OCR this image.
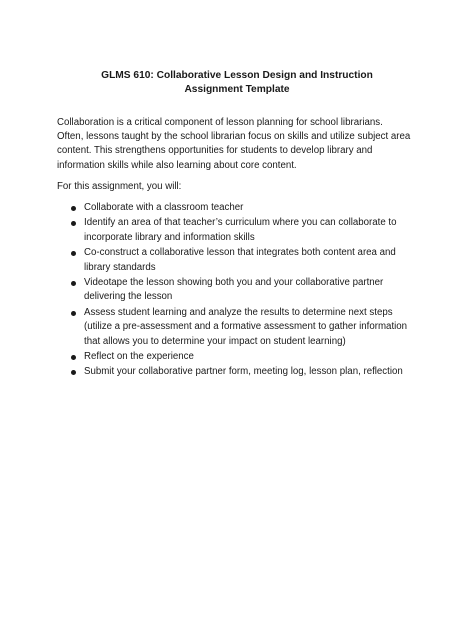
GLMS 610: Collaborative Lesson Design and Instruction
Assignment Template
Collaboration is a critical component of lesson planning for school librarians.
Often, lessons taught by the school librarian focus on skills and utilize subject area
content. This strengthens opportunities for students to develop library and
information skills while also learning about core content.
For this assignment, you will:
Collaborate with a classroom teacher
Identify an area of that teacher’s curriculum where you can collaborate to
incorporate library and information skills
Co-construct a collaborative lesson that integrates both content area and
library standards
Videotape the lesson showing both you and your collaborative partner
delivering the lesson
Assess student learning and analyze the results to determine next steps
(utilize a pre-assessment and a formative assessment to gather information
that allows you to determine your impact on student learning)
Reflect on the experience
Submit your collaborative partner form, meeting log, lesson plan, reflection
